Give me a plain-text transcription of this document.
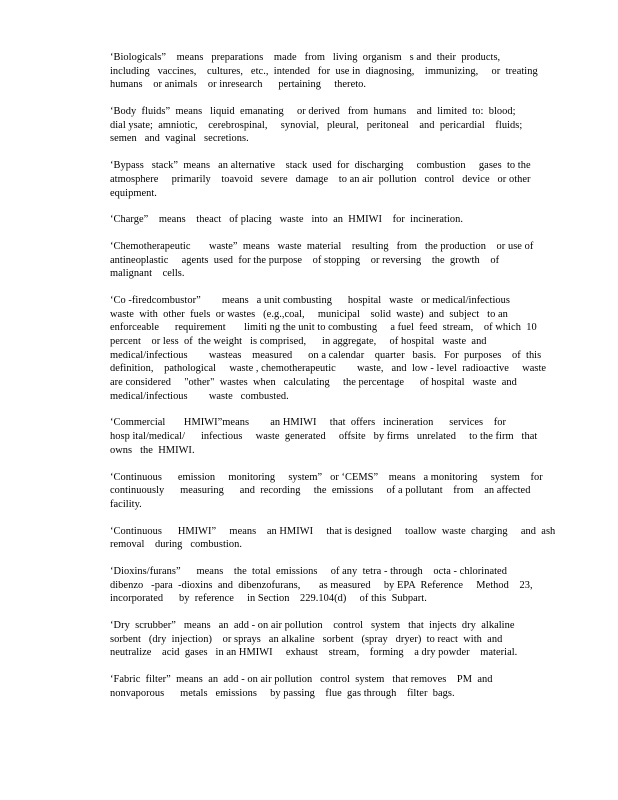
‘Biologicals”    means   preparations    made   from   living  organism   s and  their  products,
including   vaccines,    cultures,   etc.,  intended   for  use in  diagnosing,    immunizing,     or  treating
humans    or animals    or inresearch      pertaining     thereto.
‘Body  fluids”  means   liquid  emanating     or derived   from  humans    and  limited  to:  blood;
dial ysate;  amniotic,    cerebrospinal,     synovial,   pleural,   peritoneal    and  pericardial    fluids;
semen   and  vaginal   secretions.
‘Bypass   stack”  means   an alternative    stack  used  for  discharging     combustion     gases  to the
atmosphere     primarily    toavoid   severe   damage    to an air  pollution   control   device   or other
equipment.
‘Charge”    means    theact   of placing   waste   into  an  HMIWI    for  incineration.
‘Chemotherapeutic       waste”  means   waste  material    resulting   from   the production    or use of
antineoplastic     agents  used  for the purpose    of stopping    or reversing    the  growth    of
malignant    cells.
‘Co -firedcombustor”        means   a unit combusting      hospital   waste   or medical/infectious
waste  with  other  fuels  or wastes   (e.g.,coal,     municipal    solid  waste)  and  subject   to an
enforceable      requirement       limiti ng the unit to combusting     a fuel  feed  stream,    of which  10
percent    or less  of  the weight   is comprised,      in aggregate,     of hospital   waste  and
medical/infectious        wasteas    measured      on a calendar    quarter   basis.   For  purposes    of  this
definition,    pathological     waste , chemotherapeutic        waste,   and  low - level  radioactive     waste
are considered     "other"  wastes  when   calculating     the percentage      of hospital   waste  and
medical/infectious        waste   combusted.
‘Commercial       HMIWI”means        an HMIWI     that  offers   incineration      services    for
hosp ital/medical/      infectious     waste  generated     offsite   by firms   unrelated     to the firm   that
owns   the  HMIWI.
‘Continuous      emission     monitoring     system”   or ‘CEMS”    means   a monitoring     system    for
continuously      measuring      and  recording     the  emissions     of a pollutant    from    an affected
facility.
‘Continuous      HMIWI”     means    an HMIWI     that is designed     toallow  waste  charging     and  ash
removal    during   combustion.
‘Dioxins/furans”      means    the  total  emissions     of any  tetra - through    octa - chlorinated
dibenzo   -para  -dioxins  and  dibenzofurans,       as measured     by EPA  Reference     Method    23,
incorporated      by  reference     in Section    229.104(d)     of this  Subpart.
‘Dry  scrubber”   means   an  add - on air pollution    control   system   that  injects  dry  alkaline
sorbent   (dry  injection)    or sprays   an alkaline   sorbent   (spray   dryer)  to react  with  and
neutralize    acid  gases   in an HMIWI     exhaust    stream,    forming    a dry powder    material.
‘Fabric  filter”  means  an  add - on air pollution   control  system   that removes    PM  and
nonvaporous      metals   emissions     by passing    flue  gas through    filter  bags.
